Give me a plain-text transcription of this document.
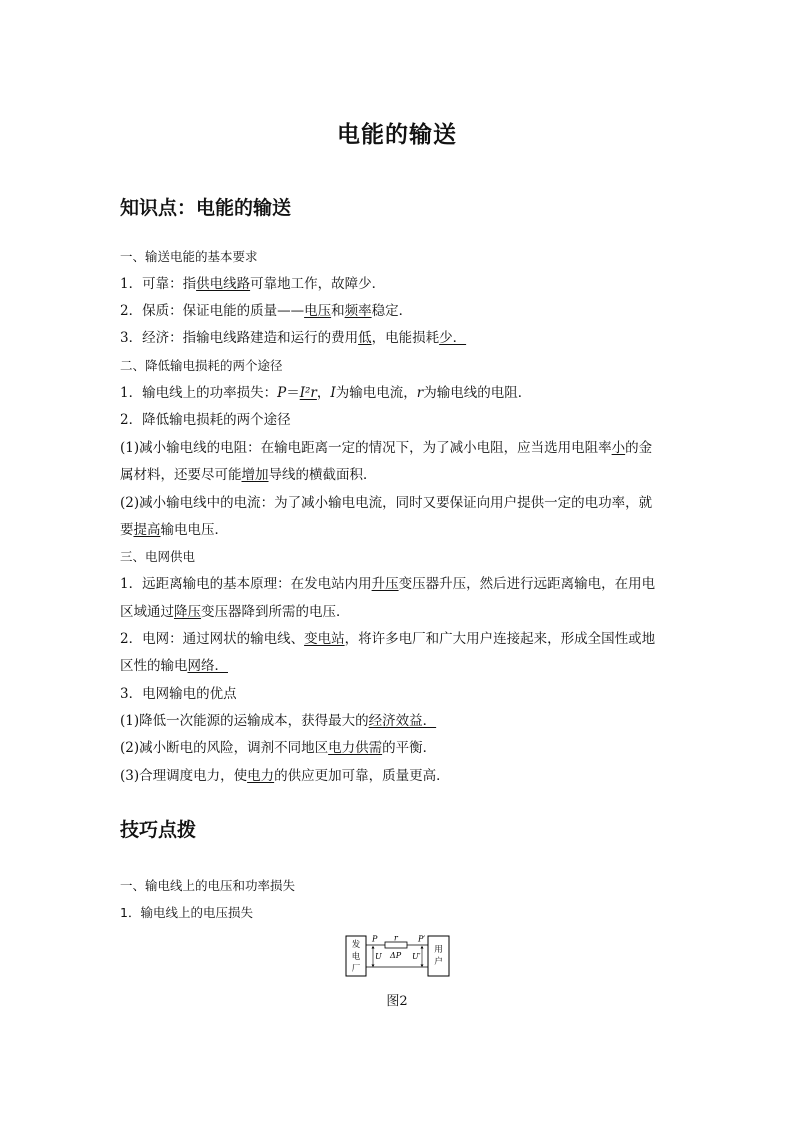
电能的输送
知识点：电能的输送
一、输送电能的基本要求
1．可靠：指供电线路可靠地工作，故障少．
2．保质：保证电能的质量——电压和频率稳定．
3．经济：指输电线路建造和运行的费用低，电能损耗少．
二、降低输电损耗的两个途径
1．输电线上的功率损失：P＝I²r，I为输电电流，r为输电线的电阻．
2．降低输电损耗的两个途径
(1)减小输电线的电阻：在输电距离一定的情况下，为了减小电阻，应当选用电阻率小的金
属材料，还要尽可能增加导线的横截面积．
(2)减小输电线中的电流：为了减小输电电流，同时又要保证向用户提供一定的电功率，就
要提高输电电压．
三、电网供电
1．远距离输电的基本原理：在发电站内用升压变压器升压，然后进行远距离输电，在用电
区域通过降压变压器降到所需的电压．
2．电网：通过网状的输电线、变电站，将许多电厂和广大用户连接起来，形成全国性或地
区性的输电网络．
3．电网输电的优点
(1)降低一次能源的运输成本，获得最大的经济效益．
(2)减小断电的风险，调剂不同地区电力供需的平衡．
(3)合理调度电力，使电力的供应更加可靠，质量更高．
技巧点拨
一、输电线上的电压和功率损失
1．输电线上的电压损失
发
电
厂
用
户
P r	P′
U ΔP U′
图2
